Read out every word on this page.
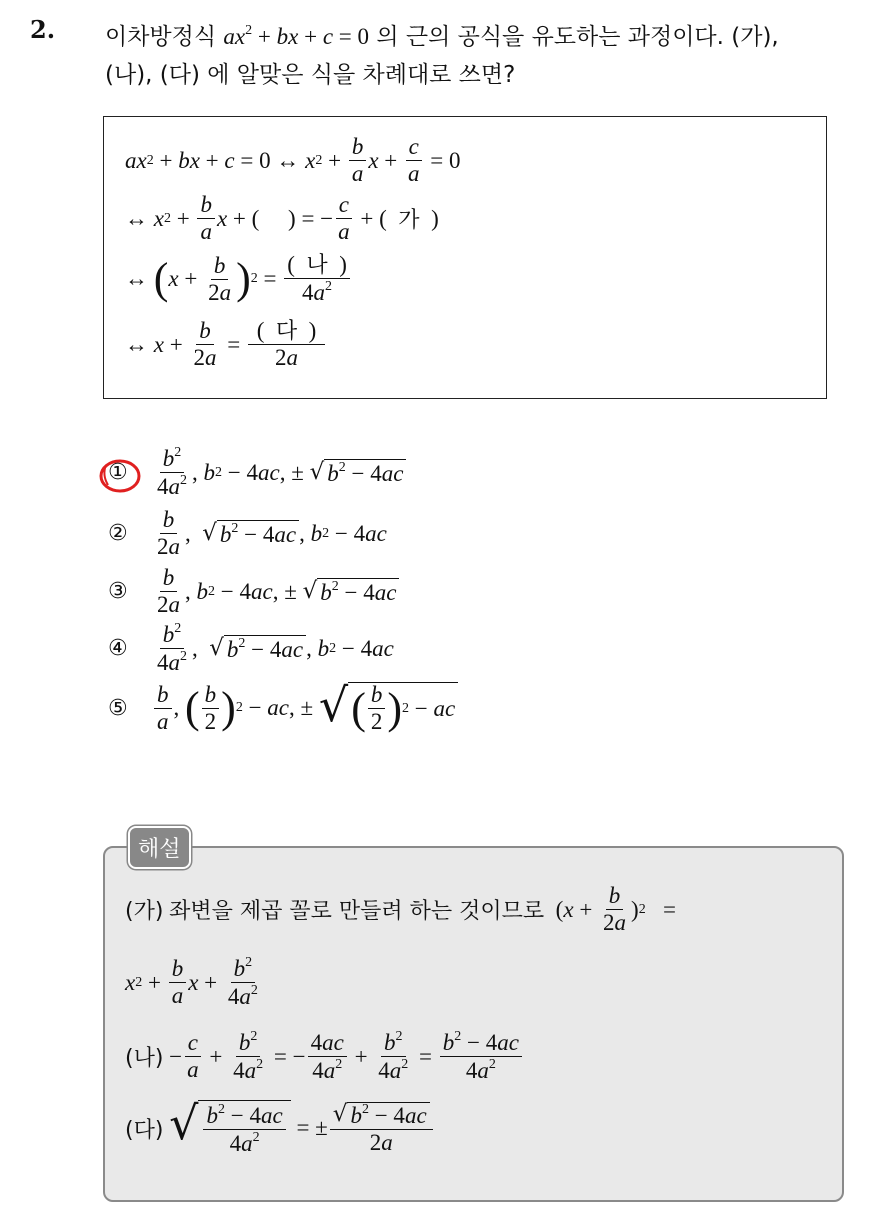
2. 이차방정식 $ax^2$ + bx + c = 0 의 근의 공식을 유도하는 과정이다. (가),
(나), (다) 에 알맞은 식을 차례대로 쓰면?
ax 2 + bx + c = 0 ↔ x $2 + \frac{b}{a}$ $x + \frac{c}{a} = 0$
↔ x $2 + \frac{b}{a}$ x + (     ) = − $\frac{c}{a}$ + ( 가 )
↔ ( $x + \frac{b}{2a}$ ) $2 = \frac{\text{(  나  )}}{4a^2}$
↔ $x + \frac{b}{2a} = \frac{\text{(  다  )}}{2a}$
①	$\frac{b^2}{4a^2}$ , b 2 − 4 ac , ± √ $b^2 - 4ac$
②	$\frac{b}{2a}$ , √ $b^2 - 4ac$ , b 2 − 4 ac
③	$\frac{b}{2a}$ , b 2 − 4 ac , ± √ $b^2 - 4ac$
④	$\frac{b^2}{4a^2}$ , √ $b^2 - 4ac$ , b 2 − 4 ac
⑤	$\frac{b}{a}$ , ( $\frac{b}{2}$ ) 2 − ac , ± √ ( $\frac{b}{2}$ ) 2 − ac
해설
(가)
좌변을 제곱 꼴로 만들려 하는 것이므로 ( $x + \frac{b}{2a}$ ) 2 =
x $2 + \frac{b}{a}$ $x + \frac{b^2}{4a^2}$
(나) − $\frac{c}{a} + \frac{b^2}{4a^2}$ = − $\frac{4ac}{4a^2} + \frac{b^2}{4a^2} = \frac{b^2 - 4ac}{4a^2}$
(다)
√ $\frac{b^2 - 4ac}{4a^2}$ = ± $\frac{√ b^2 - 4ac}{2a}$
